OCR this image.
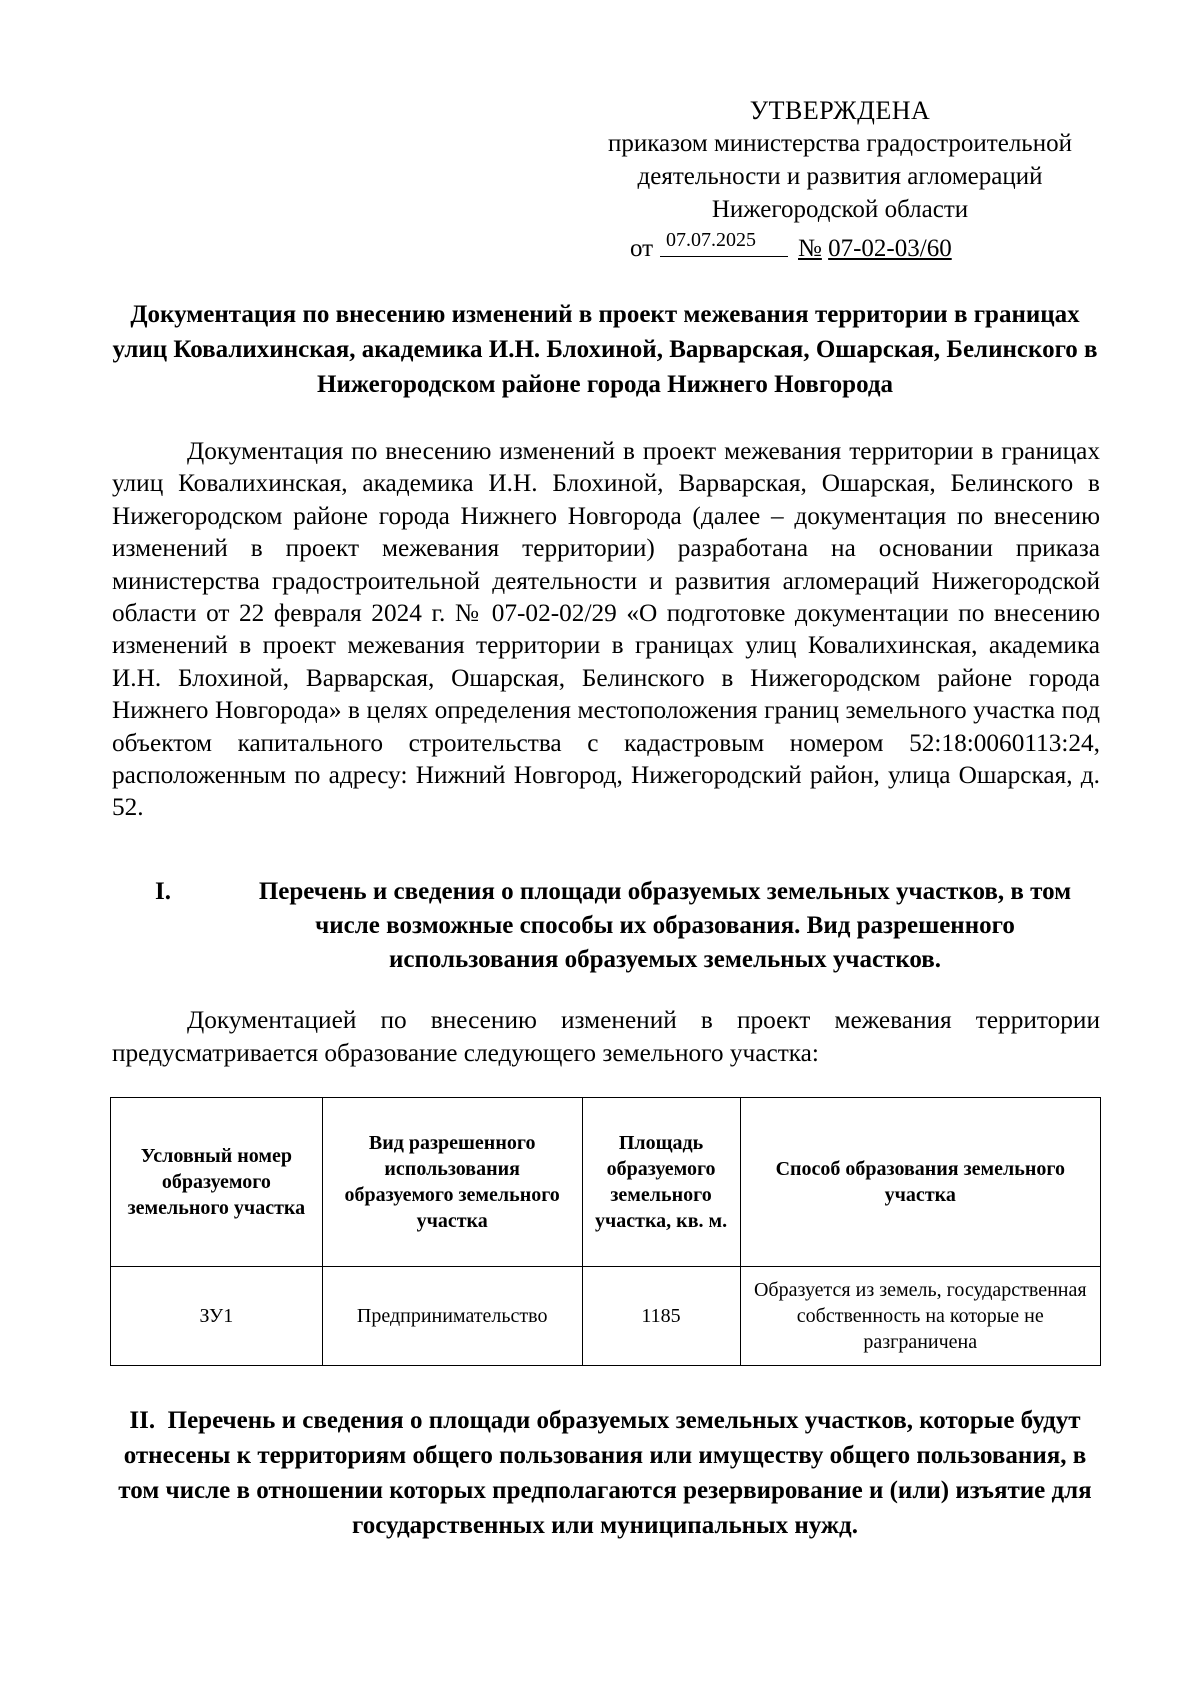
УТВЕРЖДЕНА
приказом министерства градостроительной
деятельности и развития агломераций
Нижегородской области
от 07.07.2025 № 07-02-03/60
Документация по внесению изменений в проект межевания территории в границах улиц Ковалихинская, академика И.Н. Блохиной, Варварская, Ошарская, Белинского в Нижегородском районе города Нижнего Новгорода
Документация по внесению изменений в проект межевания территории в границах улиц Ковалихинская, академика И.Н. Блохиной, Варварская, Ошарская, Белинского в Нижегородском районе города Нижнего Новгорода (далее – документация по внесению изменений в проект межевания территории) разработана на основании приказа министерства градостроительной деятельности и развития агломераций Нижегородской области от 22 февраля 2024 г. № 07-02-02/29 «О подготовке документации по внесению изменений в проект межевания территории в границах улиц Ковалихинская, академика И.Н. Блохиной, Варварская, Ошарская, Белинского в Нижегородском районе города Нижнего Новгорода» в целях определения местоположения границ земельного участка под объектом капитального строительства с кадастровым номером 52:18:0060113:24, расположенным по адресу: Нижний Новгород, Нижегородский район, улица Ошарская, д. 52.
I.	Перечень и сведения о площади образуемых земельных участков, в том числе возможные способы их образования. Вид разрешенного использования образуемых земельных участков.
Документацией по внесению изменений в проект межевания территории предусматривается образование следующего земельного участка:
Условный номер образуемого земельного участка	Вид разрешенного использования образуемого земельного участка	Площадь образуемого земельного участка, кв. м.	Способ образования земельного участка
ЗУ1	Предпринимательство	1185	Образуется из земель, государственная собственность на которые не разграничена
II. Перечень и сведения о площади образуемых земельных участков, которые будут отнесены к территориям общего пользования или имуществу общего пользования, в том числе в отношении которых предполагаются резервирование и (или) изъятие для государственных или муниципальных нужд.
